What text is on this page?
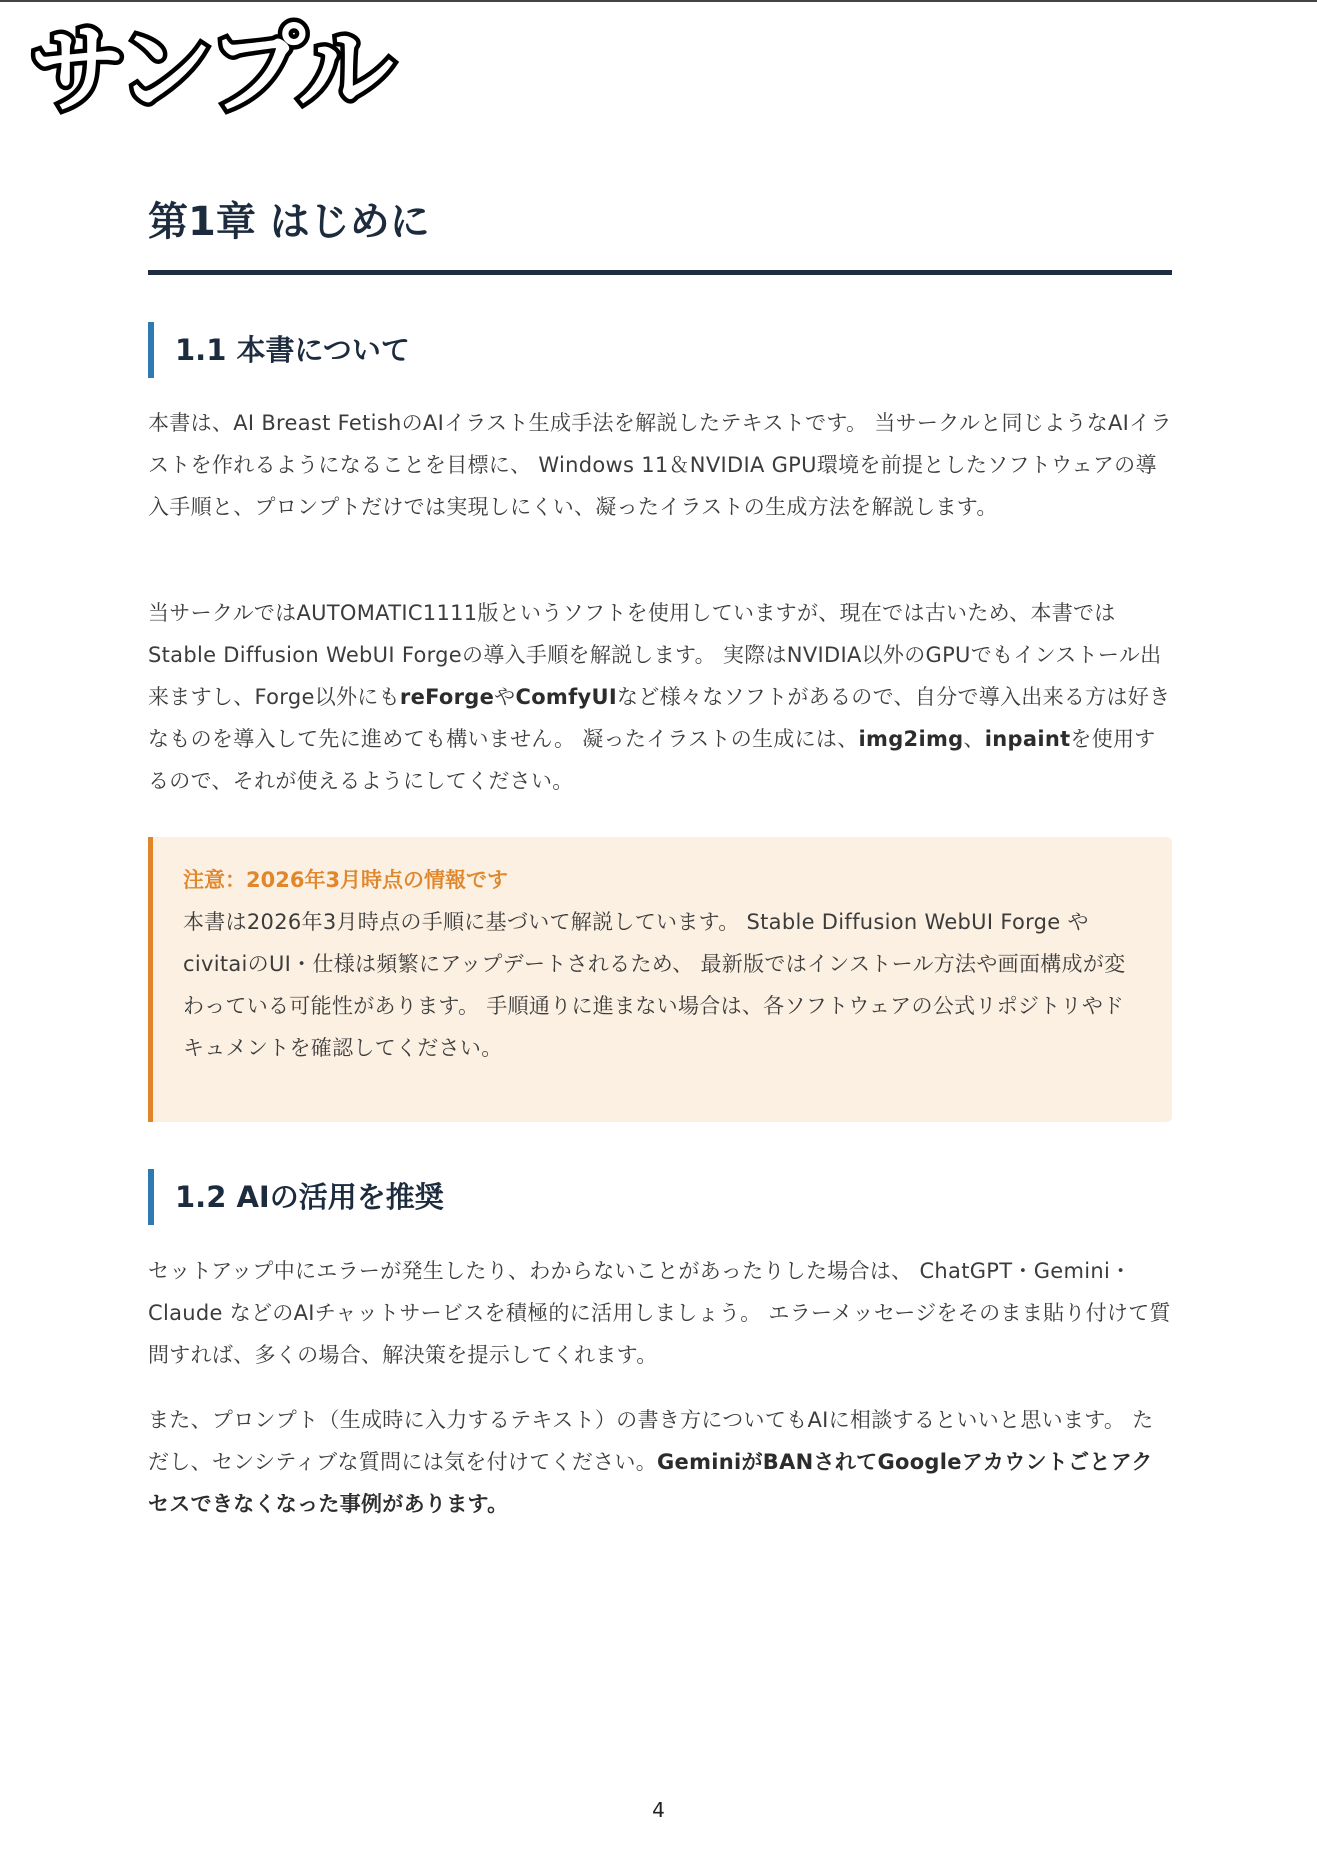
サンプル
第1章 はじめに
1.1 本書について

本書は、AI Breast FetishのAIイラスト生成手法を解説したテキストです。 当サークルと同じようなAIイラストを作れるようになることを目標に、 Windows 11＆NVIDIA GPU環境を前提としたソフトウェアの導入手順と、プロンプトだけでは実現しにくい、凝ったイラストの生成方法を解説します。

当サークルではAUTOMATIC1111版というソフトを使用していますが、現在では古いため、本書ではStable Diffusion WebUI Forgeの導入手順を解説します。 実際はNVIDIA以外のGPUでもインストール出来ますし、Forge以外にもreForgeやComfyUIなど様々なソフトがあるので、自分で導入出来る方は好きなものを導入して先に進めても構いません。 凝ったイラストの生成には、img2img、inpaintを使用するので、それが使えるようにしてください。

注意：2026年3月時点の情報です

本書は2026年3月時点の手順に基づいて解説しています。 Stable Diffusion WebUI Forge やcivitaiのUI・仕様は頻繁にアップデートされるため、 最新版ではインストール方法や画面構成が変わっている可能性があります。 手順通りに進まない場合は、各ソフトウェアの公式リポジトリやドキュメントを確認してください。

1.2 AIの活用を推奨

セットアップ中にエラーが発生したり、わからないことがあったりした場合は、 ChatGPT・Gemini・Claude などのAIチャットサービスを積極的に活用しましょう。 エラーメッセージをそのまま貼り付けて質問すれば、多くの場合、解決策を提示してくれます。

また、プロンプト（生成時に入力するテキスト）の書き方についてもAIに相談するといいと思います。 ただし、センシティブな質問には気を付けてください。GeminiがBANされてGoogleアカウントごとアクセスできなくなった事例があります。

4
